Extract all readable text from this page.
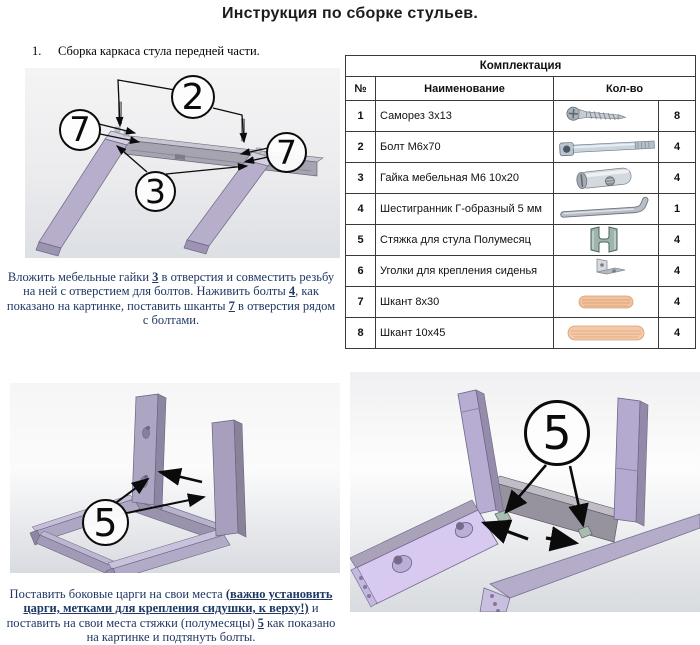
Инструкция по сборке стульев.
1. Сборка каркаса стула передней части.
2
7
7
3

Вложить мебельные гайки 3 в отверстия и совместить резьбу на ней с отверстием для болтов. Наживить болты 4, как показано на картинке, поставить шканты 7 в отверстия рядом с болтами.

Комплектация			
№	Наименование	Кол-во	
1	Саморез 3х13		8
2	Болт М6х70		4
3	Гайка мебельная М6 10х20		4
4	Шестигранник Г-образный 5 мм		1
5	Стяжка для стула Полумесяц		4
6	Уголки для крепления сиденья		4
7	Шкант 8х30		4
8	Шкант 10х45		4
5
5

Поставить боковые царги на свои места (важно установить царги, метками для крепления сидушки, к верху!) и поставить на свои места стяжки (полумесяцы) 5 как показано на картинке и подтянуть болты.
